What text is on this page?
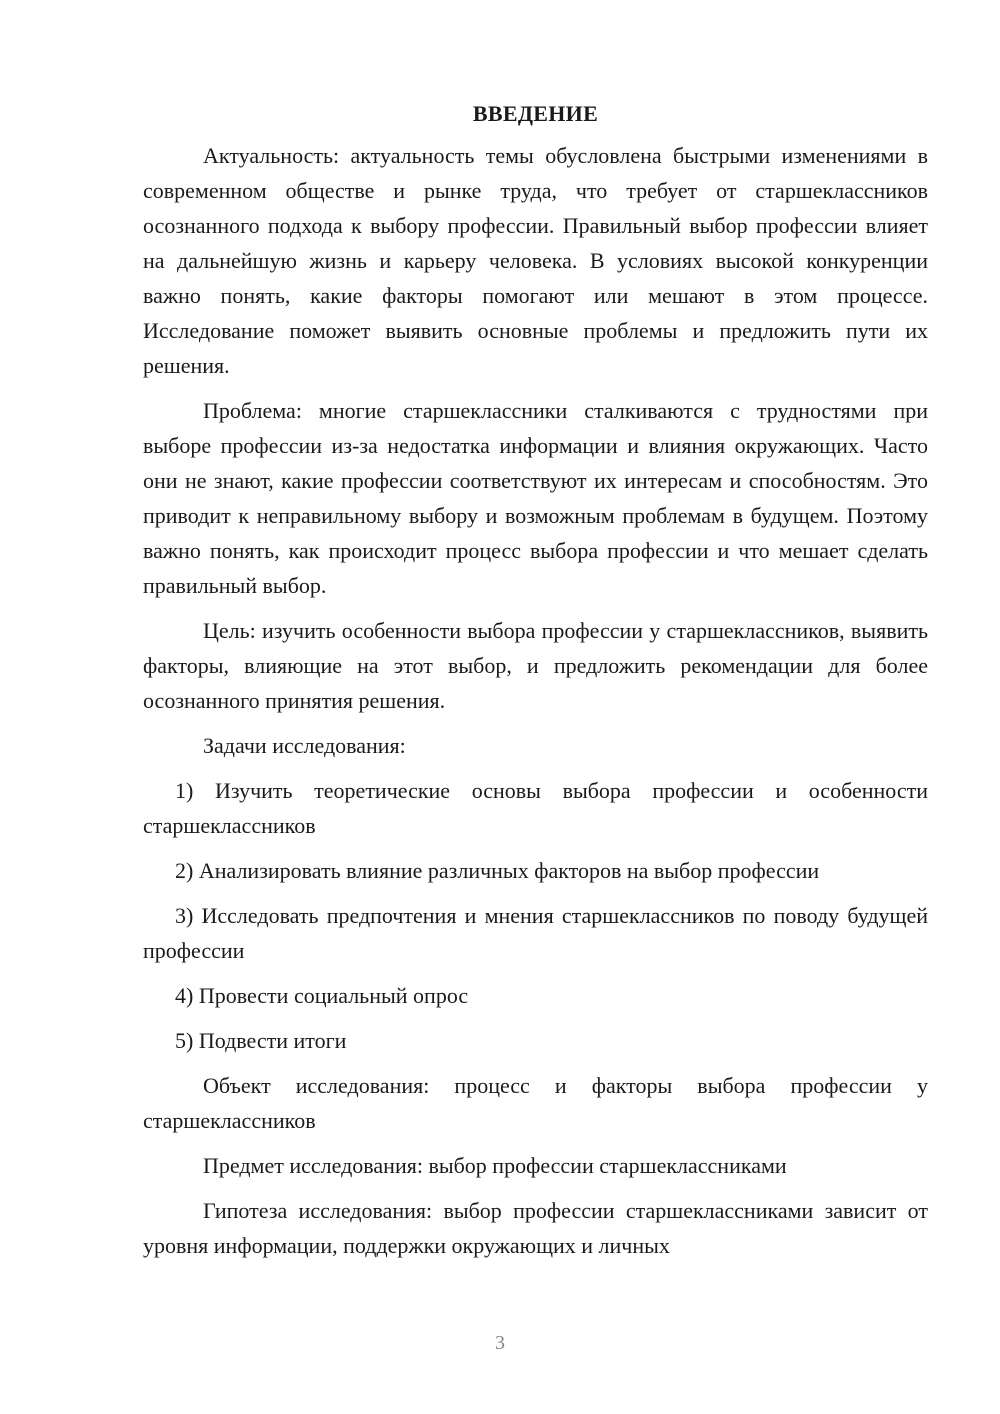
ВВЕДЕНИЕ

Актуальность: актуальность темы обусловлена быстрыми изменениями в современном обществе и рынке труда, что требует от старшеклассников осознанного подхода к выбору профессии. Правильный выбор профессии влияет на дальнейшую жизнь и карьеру человека. В условиях высокой конкуренции важно понять, какие факторы помогают или мешают в этом процессе. Исследование поможет выявить основные проблемы и предложить пути их решения.

Проблема: многие старшеклассники сталкиваются с трудностями при выборе профессии из-за недостатка информации и влияния окружающих. Часто они не знают, какие профессии соответствуют их интересам и способностям. Это приводит к неправильному выбору и возможным проблемам в будущем. Поэтому важно понять, как происходит процесс выбора профессии и что мешает сделать правильный выбор.

Цель: изучить особенности выбора профессии у старшеклассников, выявить факторы, влияющие на этот выбор, и предложить рекомендации для более осознанного принятия решения.

Задачи исследования:

1) Изучить теоретические основы выбора профессии и особенности старшеклассников

2) Анализировать влияние различных факторов на выбор профессии

3) Исследовать предпочтения и мнения старшеклассников по поводу будущей профессии

4) Провести социальный опрос

5) Подвести итоги

Объект исследования: процесс и факторы выбора профессии у старшеклассников

Предмет исследования: выбор профессии старшеклассниками

Гипотеза исследования: выбор профессии старшеклассниками зависит от уровня информации, поддержки окружающих и личных

3
